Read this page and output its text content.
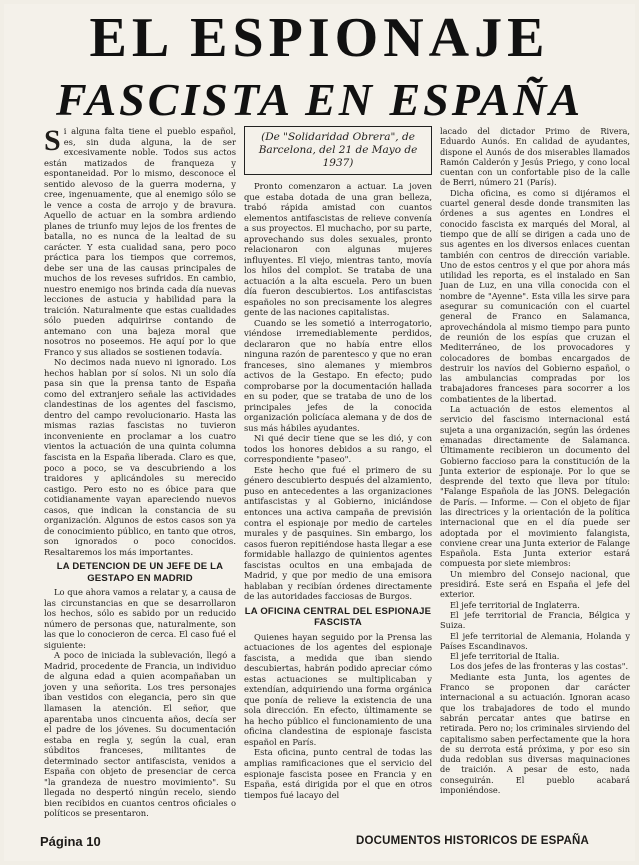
EL ESPIONAJE
FASCISTA EN ESPAÑA

Si alguna falta tiene el pueblo español, es, sin duda alguna, la de ser excesivamente noble. Todos sus actos están matizados de franqueza y espontaneidad. Por lo mismo, desconoce el sentido alevoso de la guerra moderna, y cree, ingenuamente, que al enemigo sólo se le vence a costa de arrojo y de bravura. Aquello de actuar en la sombra ardiendo planes de triunfo muy lejos de los frentes de batalla, no es nunca de la lealtad de su carácter. Y esta cualidad sana, pero poco práctica para los tiempos que corremos, debe ser una de las causas principales de muchos de los reveses sufridos. En cambio, nuestro enemigo nos brinda cada día nuevas lecciones de astucia y habilidad para la traición. Naturalmente que estas cualidades sólo pueden adquirirse contando de antemano con una bajeza moral que nosotros no poseemos. He aquí por lo que Franco y sus aliados se sostienen todavía.

No decimos nada nuevo ni ignorado. Los hechos hablan por sí solos. Ni un solo día pasa sin que la prensa tanto de España como del extranjero señale las actividades clandestinas de los agentes del fascismo, dentro del campo revolucionario. Hasta las mismas razias fascistas no tuvieron inconveniente en proclamar a los cuatro vientos la actuación de una quinta columna fascista en la España liberada. Claro es que, poco a poco, se va descubriendo a los traidores y aplicándoles su merecido castigo. Pero esto no es óbice para que cotidianamente vayan apareciendo nuevos casos, que indican la constancia de su organización. Algunos de estos casos son ya de conocimiento público, en tanto que otros, son ignorados o poco conocidos. Resaltaremos los más importantes.

LA DETENCION DE UN JEFE DE LA GESTAPO EN MADRID

Lo que ahora vamos a relatar y, a causa de las circunstancias en que se desarrollaron los hechos, sólo es sabido por un reducido número de personas que, naturalmente, son las que lo conocieron de cerca. El caso fué el siguiente:

A poco de iniciada la sublevación, llegó a Madrid, procedente de Francia, un individuo de alguna edad a quien acompañaban un joven y una señorita. Los tres personajes iban vestidos con elegancia, pero sin que llamasen la atención. El señor, que aparentaba unos cincuenta años, decía ser el padre de los jóvenes. Su documentación estaba en regla y, según la cual, eran súbditos franceses, militantes de determinado sector antifascista, venidos a España con objeto de presenciar de cerca "la grandeza de nuestro movimiento". Su llegada no despertó ningún recelo, siendo bien recibidos en cuantos centros oficiales o políticos se presentaron.

(De "Solidaridad Obrera", de Barcelona, del 21 de Mayo de 1937)

Pronto comenzaron a actuar. La joven que estaba dotada de una gran belleza, trabó rápida amistad con cuantos elementos antifascistas de relieve convenía a sus proyectos. El muchacho, por su parte, aprovechando sus doles sexuales, pronto relacionaron con algunas mujeres influyentes. El viejo, mientras tanto, movía los hilos del complot. Se trataba de una actuación a la alta escuela. Pero un buen día fueron descubiertos. Los antifascistas españoles no son precisamente los alegres gente de las naciones capitalistas.

Cuando se les sometió a interrogatorio, viéndose irremediablemente perdidos, declararon que no había entre ellos ninguna razón de parentesco y que no eran franceses, sino alemanes y miembros activos de la Gestapo. En efecto; pudo comprobarse por la documentación hallada en su poder, que se trataba de uno de los principales jefes de la conocida organización policíaca alemana y de dos de sus más hábiles ayudantes.

Ni qué decir tiene que se les dió, y con todos los honores debidos a su rango, el correspondiente "paseo".

Este hecho que fué el primero de su género descubierto después del alzamiento, puso en antecedentes a las organizaciones antifascistas y al Gobierno, iniciándose entonces una activa campaña de previsión contra el espionaje por medio de carteles murales y de pasquines. Sin embargo, los casos fueron repitiéndose hasta llegar a ese formidable hallazgo de quinientos agentes fascistas ocultos en una embajada de Madrid, y que por medio de una emisora hablaban y recibían órdenes directamente de las autoridades facciosas de Burgos.

LA OFICINA CENTRAL DEL ESPIONAJE FASCISTA

Quienes hayan seguido por la Prensa las actuaciones de los agentes del espionaje fascista, a medida que iban siendo descubiertas, habrán podido apreciar cómo estas actuaciones se multiplicaban y extendían, adquiriendo una forma orgánica que ponía de relieve la existencia de una sola dirección. En efecto, últimamente se ha hecho público el funcionamiento de una oficina clandestina de espionaje fascista español en París.

Esta oficina, punto central de todas las amplias ramificaciones que el servicio del espionaje fascista posee en Francia y en España, está dirigida por el que en otros tiempos fué lacayo del

lacado del dictador Primo de Rivera, Eduardo Aunós. En calidad de ayudantes, dispone el Aunós de dos miserables llamados Ramón Calderón y Jesús Priego, y cono local cuentan con un confortable piso de la calle de Berri, número 21 (París).

Dicha oficina, es como si dijéramos el cuartel general desde donde transmiten las órdenes a sus agentes en Londres el conocido fascista ex marqués del Moral, al tiempo que de allí se dirigen a cada uno de sus agentes en los diversos enlaces cuentan también con centros de dirección variable. Uno de estos centros y el que por ahora más utilidad les reporta, es el instalado en San Juan de Luz, en una villa conocida con el nombre de "Ayenne". Esta villa les sirve para asegurar su comunicación con el cuartel general de Franco en Salamanca, aprovechándola al mismo tiempo para punto de reunión de los espías que cruzan el Mediterráneo, de los provocadores y colocadores de bombas encargados de destruir los navíos del Gobierno español, o las ambulancias compradas por los trabajadores franceses para socorrer a los combatientes de la libertad.

La actuación de estos elementos al servicio del fascismo internacional está sujeta a una organización, según las órdenes emanadas directamente de Salamanca. Últimamente recibieron un documento del Gobierno faccioso para la constitución de la Junta exterior de espionaje. Por lo que se desprende del texto que lleva por título: "Falange Española de las JONS. Delegación de París. — Informe. — Con el objeto de fijar las directrices y la orientación de la política internacional que en el día puede ser adoptada por el movimiento falangista, conviene crear una Junta exterior de Falange Española. Esta Junta exterior estará compuesta por siete miembros:

Un miembro del Consejo nacional, que presidirá. Este será en España el jefe del exterior.

El jefe territorial de Inglaterra.

El jefe territorial de Francia, Bélgica y Suiza.

El jefe territorial de Alemania, Holanda y Países Escandinavos.

El jefe territorial de Italia.

Los dos jefes de las fronteras y las costas".

Mediante esta Junta, los agentes de Franco se proponen dar carácter internacional a su actuación. Ignoran acaso que los trabajadores de todo el mundo sabrán percatar antes que batirse en retirada. Pero no; los criminales sirviendo del capitalismo saben perfectamente que la hora de su derrota está próxima, y por eso sin duda redoblan sus diversas maquinaciones de traición. A pesar de esto, nada conseguirán. El pueblo acabará imponiéndose.

Página 10	DOCUMENTOS HISTORICOS DE ESPAÑA
